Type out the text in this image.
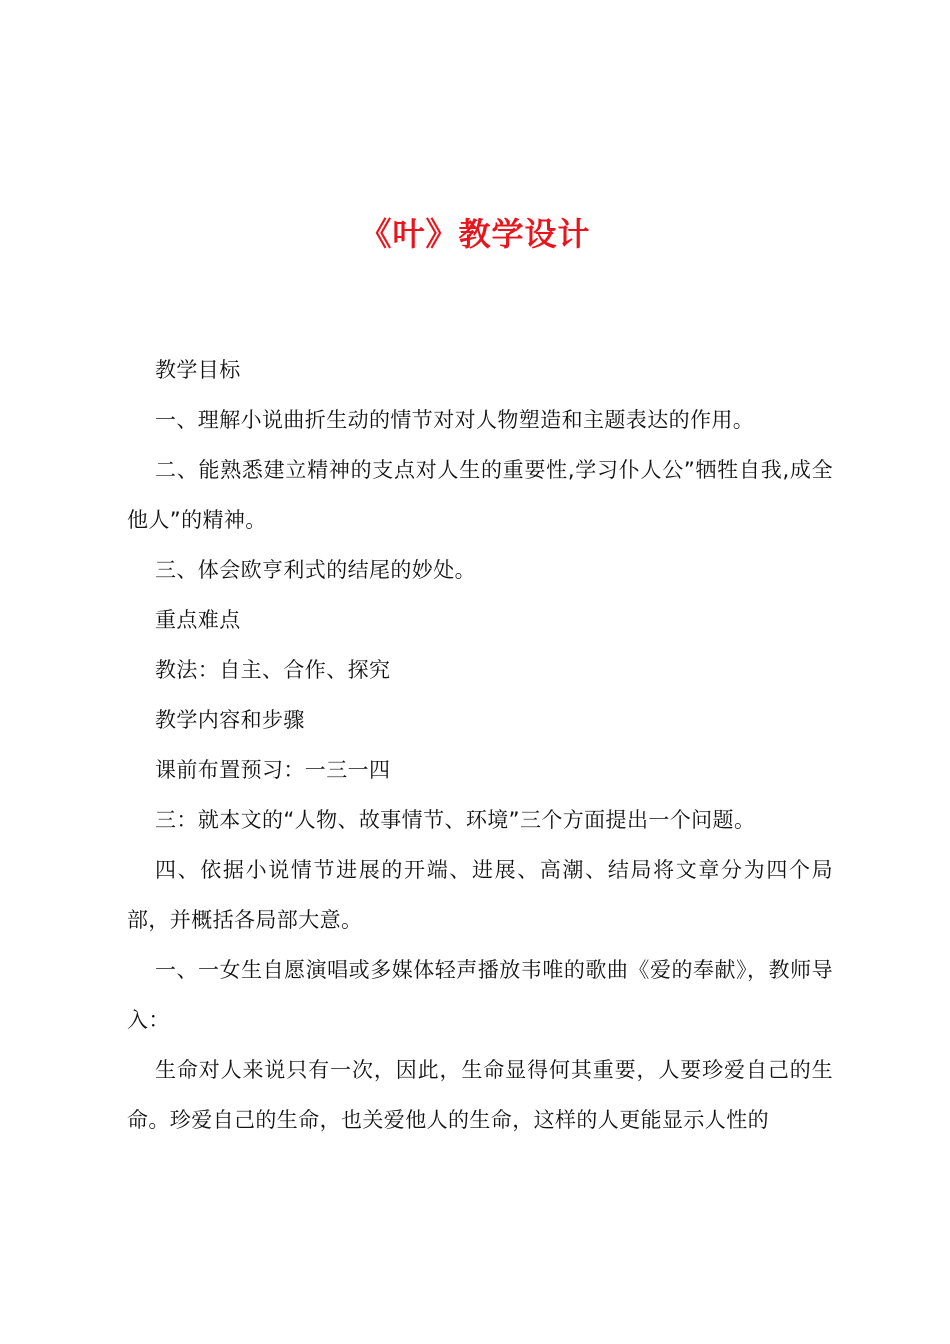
《叶》教学设计

教学目标

一、理解小说曲折生动的情节对对人物塑造和主题表达的作用。

二、能熟悉建立精神的支点对人生的重要性,学习仆人公”牺牲自我,成全他人”的精神。

三、体会欧亨利式的结尾的妙处。

重点难点

教法：自主、合作、探究

教学内容和步骤

课前布置预习：一三一四

三：就本文的“人物、故事情节、环境”三个方面提出一个问题。

四、依据小说情节进展的开端、进展、高潮、结局将文章分为四个局部，并概括各局部大意。

一、一女生自愿演唱或多媒体轻声播放韦唯的歌曲《爱的奉献》，教师导入：

生命对人来说只有一次，因此，生命显得何其重要，人要珍爱自己的生命。珍爱自己的生命，也关爱他人的生命，这样的人更能显示人性的
